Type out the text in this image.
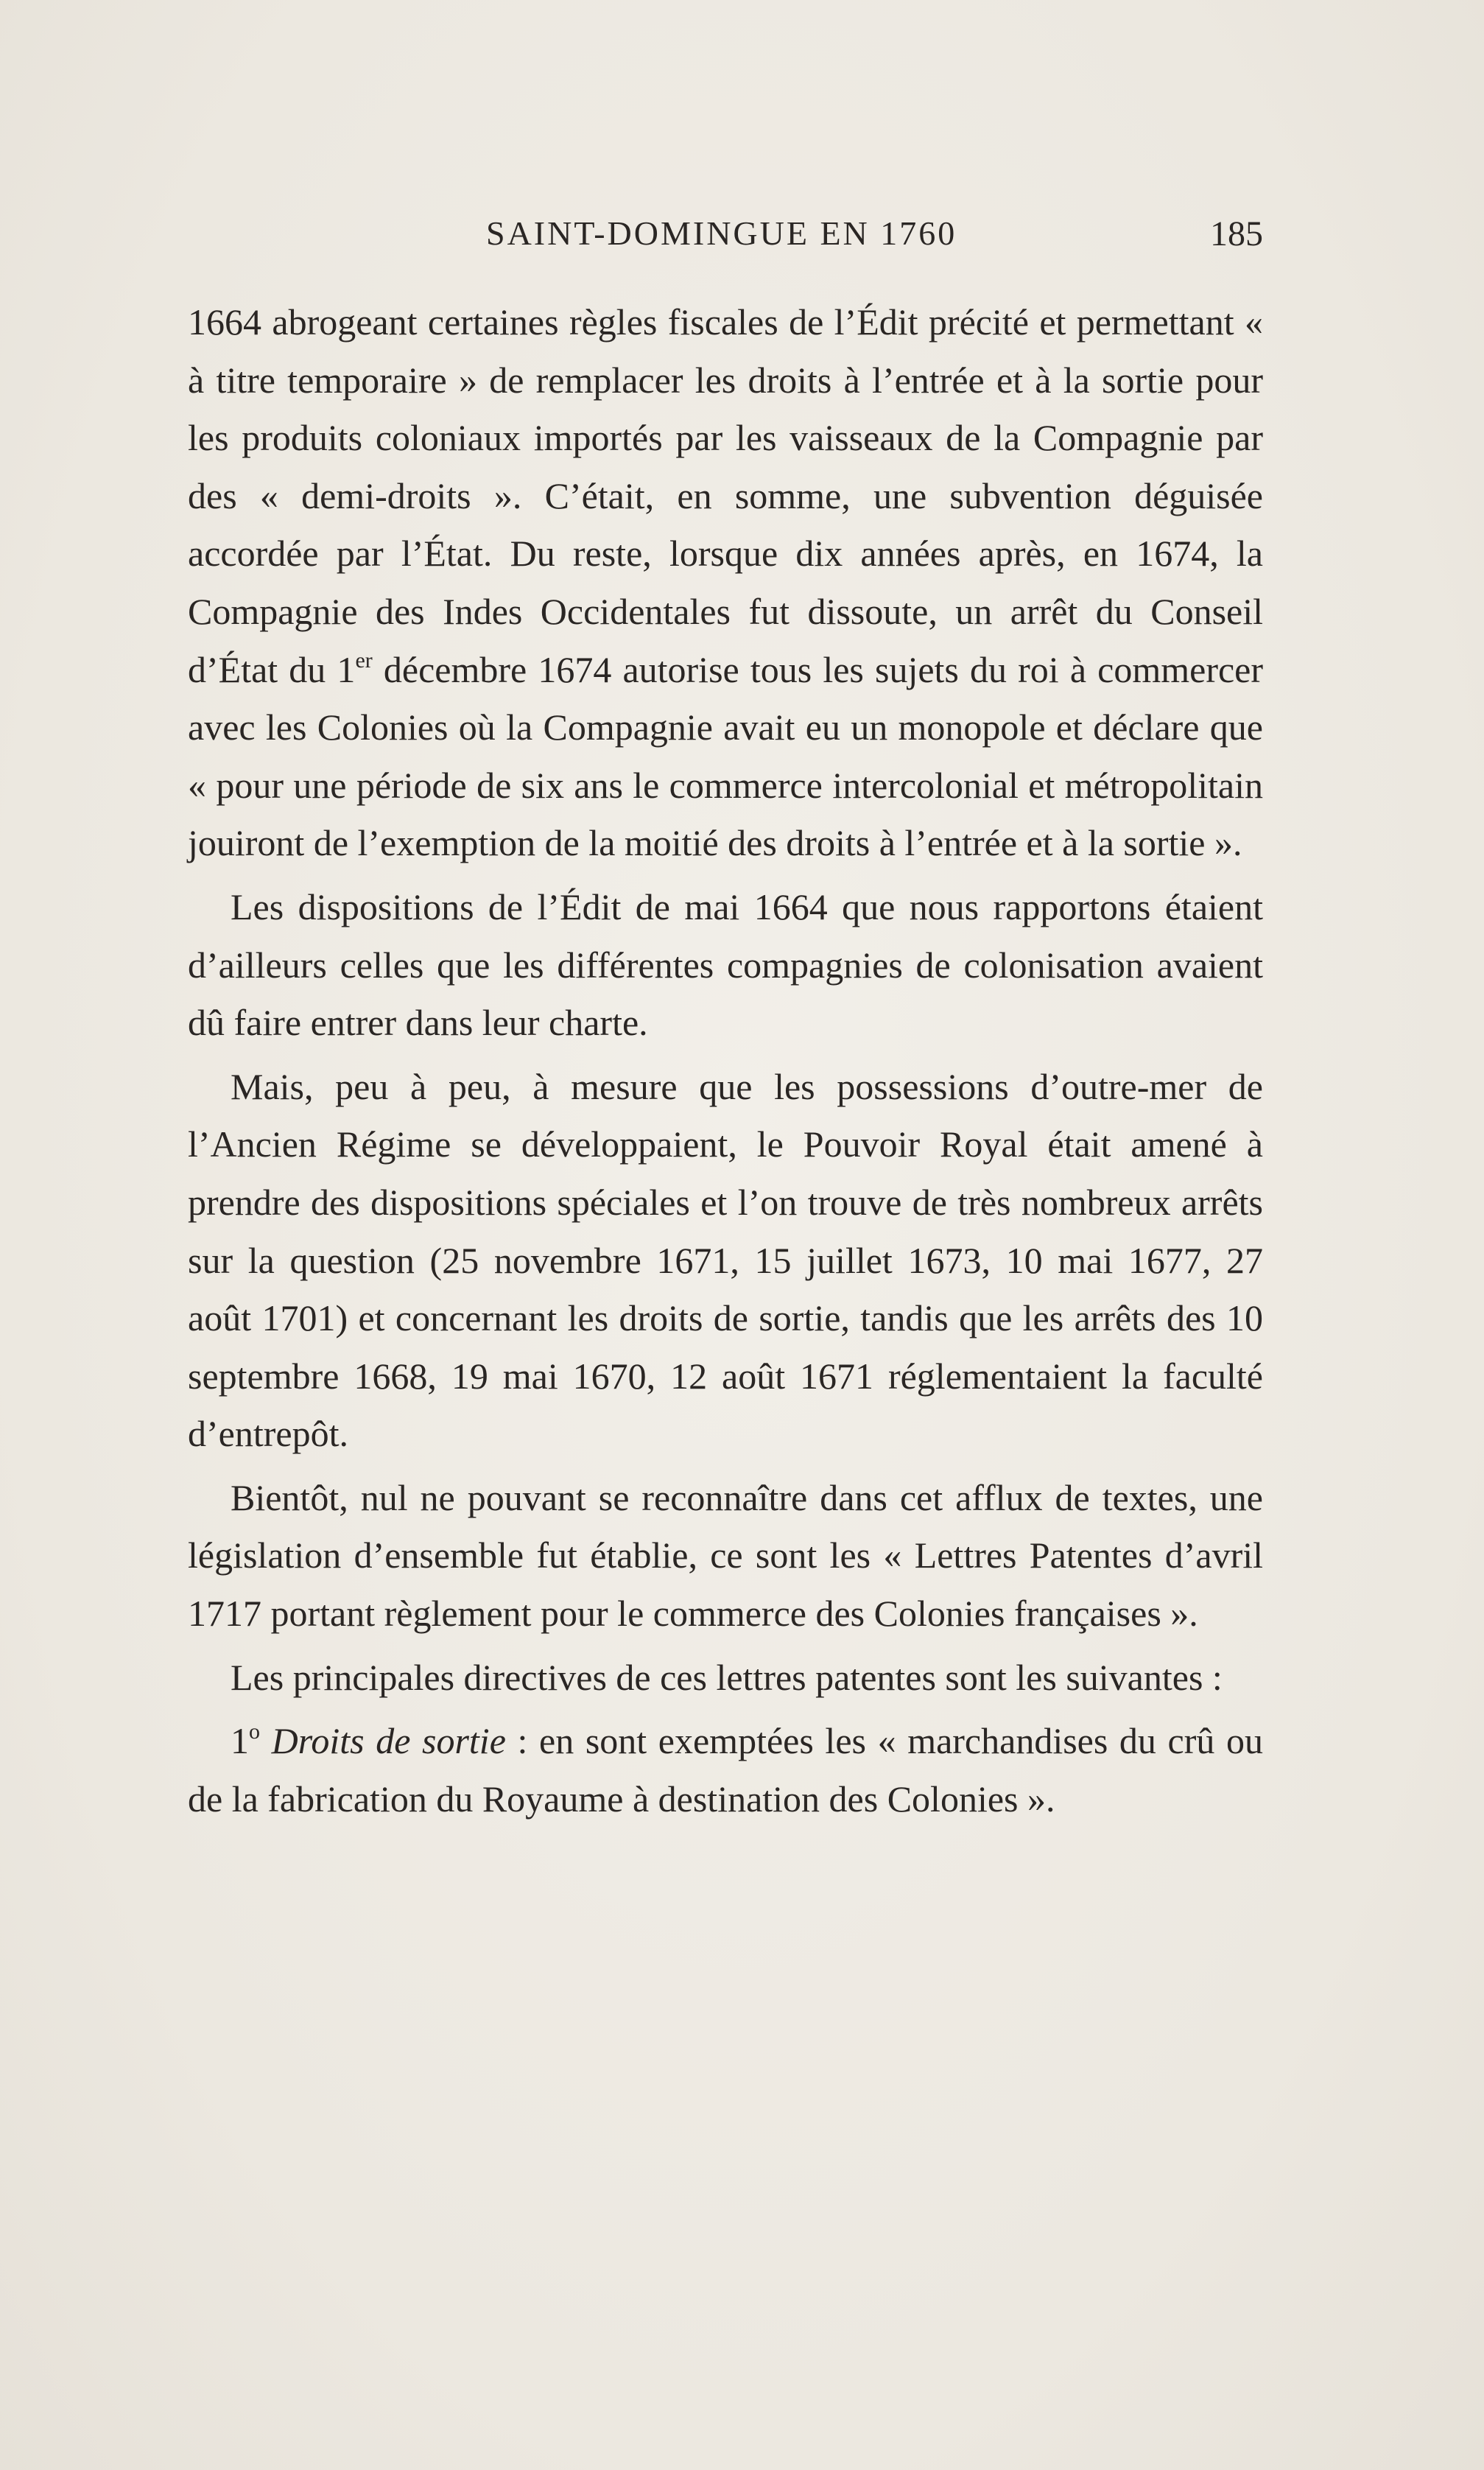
SAINT-DOMINGUE EN 1760	185

1664 abrogeant certaines règles fiscales de l’Édit précité et permettant « à titre temporaire » de remplacer les droits à l’entrée et à la sortie pour les produits coloniaux importés par les vaisseaux de la Compagnie par des « demi-droits ». C’était, en somme, une subvention déguisée accordée par l’État. Du reste, lorsque dix années après, en 1674, la Compagnie des Indes Occidentales fut dissoute, un arrêt du Conseil d’État du 1er décembre 1674 autorise tous les sujets du roi à commercer avec les Colonies où la Compagnie avait eu un monopole et déclare que « pour une période de six ans le commerce intercolonial et métropolitain jouiront de l’exemption de la moitié des droits à l’entrée et à la sortie ».

Les dispositions de l’Édit de mai 1664 que nous rapportons étaient d’ailleurs celles que les différentes compagnies de colonisation avaient dû faire entrer dans leur charte.

Mais, peu à peu, à mesure que les possessions d’outre-mer de l’Ancien Régime se développaient, le Pouvoir Royal était amené à prendre des dispositions spéciales et l’on trouve de très nombreux arrêts sur la question (25 novembre 1671, 15 juillet 1673, 10 mai 1677, 27 août 1701) et concernant les droits de sortie, tandis que les arrêts des 10 septembre 1668, 19 mai 1670, 12 août 1671 réglementaient la faculté d’entrepôt.

Bientôt, nul ne pouvant se reconnaître dans cet afflux de textes, une législation d’ensemble fut établie, ce sont les « Lettres Patentes d’avril 1717 portant règlement pour le commerce des Colonies françaises ».

Les principales directives de ces lettres patentes sont les suivantes :

1$^o$ Droits de sortie : en sont exemptées les « marchandises du crû ou de la fabrication du Royaume à destination des Colonies ».
